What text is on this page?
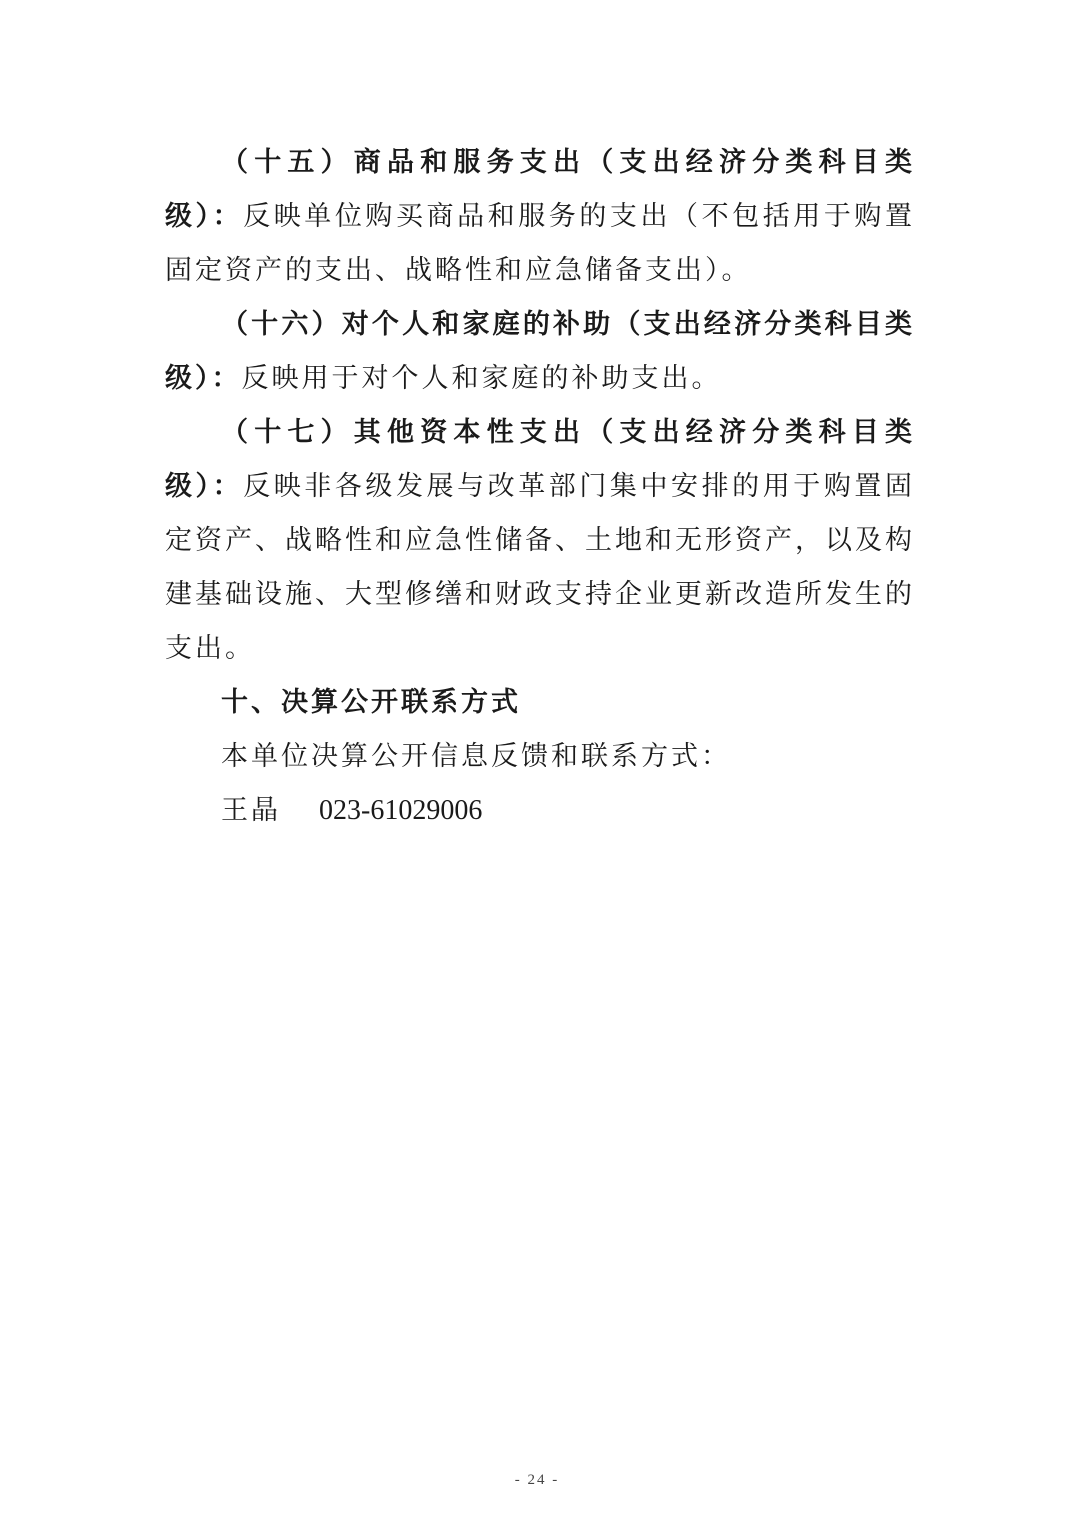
（十五）商品和服务支出（支出经济分类科目类级）：反映单位购买商品和服务的支出（不包括用于购置固定资产的支出、战略性和应急储备支出）。

（十六）对个人和家庭的补助（支出经济分类科目类级）：反映用于对个人和家庭的补助支出。

（十七）其他资本性支出（支出经济分类科目类级）：反映非各级发展与改革部门集中安排的用于购置固定资产、战略性和应急性储备、土地和无形资产，以及构建基础设施、大型修缮和财政支持企业更新改造所发生的支出。

十、决算公开联系方式

本单位决算公开信息反馈和联系方式：

王晶 023-61029006

- 24 -
